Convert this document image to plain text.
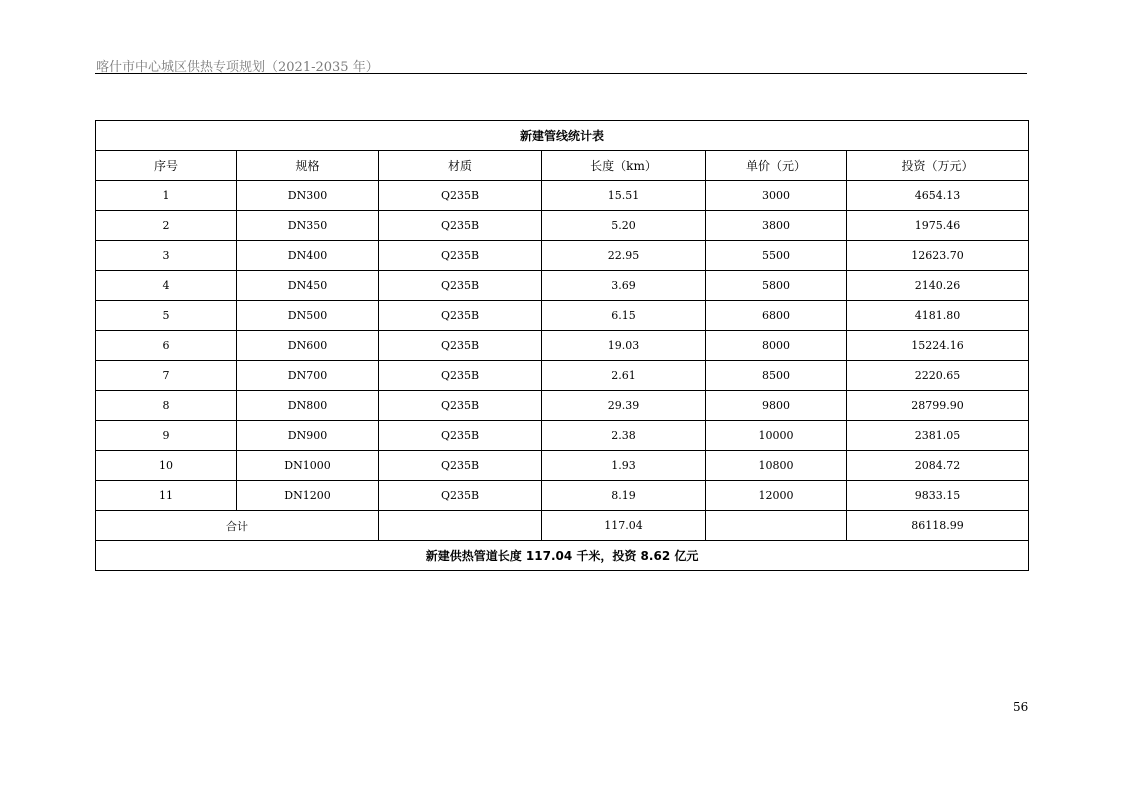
喀什市中心城区供热专项规划（2021-2035 年）
新建管线统计表					
序号	规格	材质	长度（km）	单价（元）	投资（万元）
1	DN300	Q235B	15.51	3000	4654.13
2	DN350	Q235B	5.20	3800	1975.46
3	DN400	Q235B	22.95	5500	12623.70
4	DN450	Q235B	3.69	5800	2140.26
5	DN500	Q235B	6.15	6800	4181.80
6	DN600	Q235B	19.03	8000	15224.16
7	DN700	Q235B	2.61	8500	2220.65
8	DN800	Q235B	29.39	9800	28799.90
9	DN900	Q235B	2.38	10000	2381.05
10	DN1000	Q235B	1.93	10800	2084.72
11	DN1200	Q235B	8.19	12000	9833.15
合计			117.04		86118.99
新建供热管道长度 117.04 千米，投资 8.62 亿元					
56
